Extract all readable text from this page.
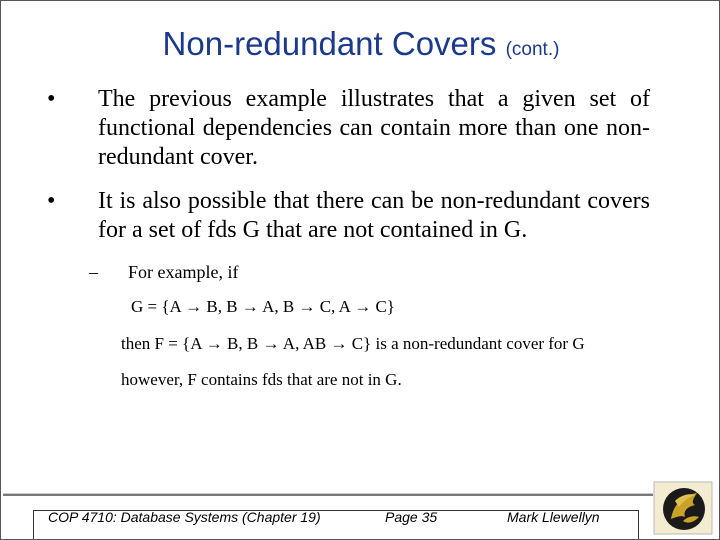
Non-redundant Covers (cont.)
• The previous example illustrates that a given set of functional dependencies can contain more than one non-redundant cover.
• It is also possible that there can be non-redundant covers for a set of fds G that are not contained in G.
– For example, if
G = {A → B, B → A, B → C, A → C}
then F = {A → B, B → A, AB → C} is a non-redundant cover for G
however, F contains fds that are not in G.
COP 4710: Database Systems (Chapter 19)	Page 35	Mark Llewellyn
